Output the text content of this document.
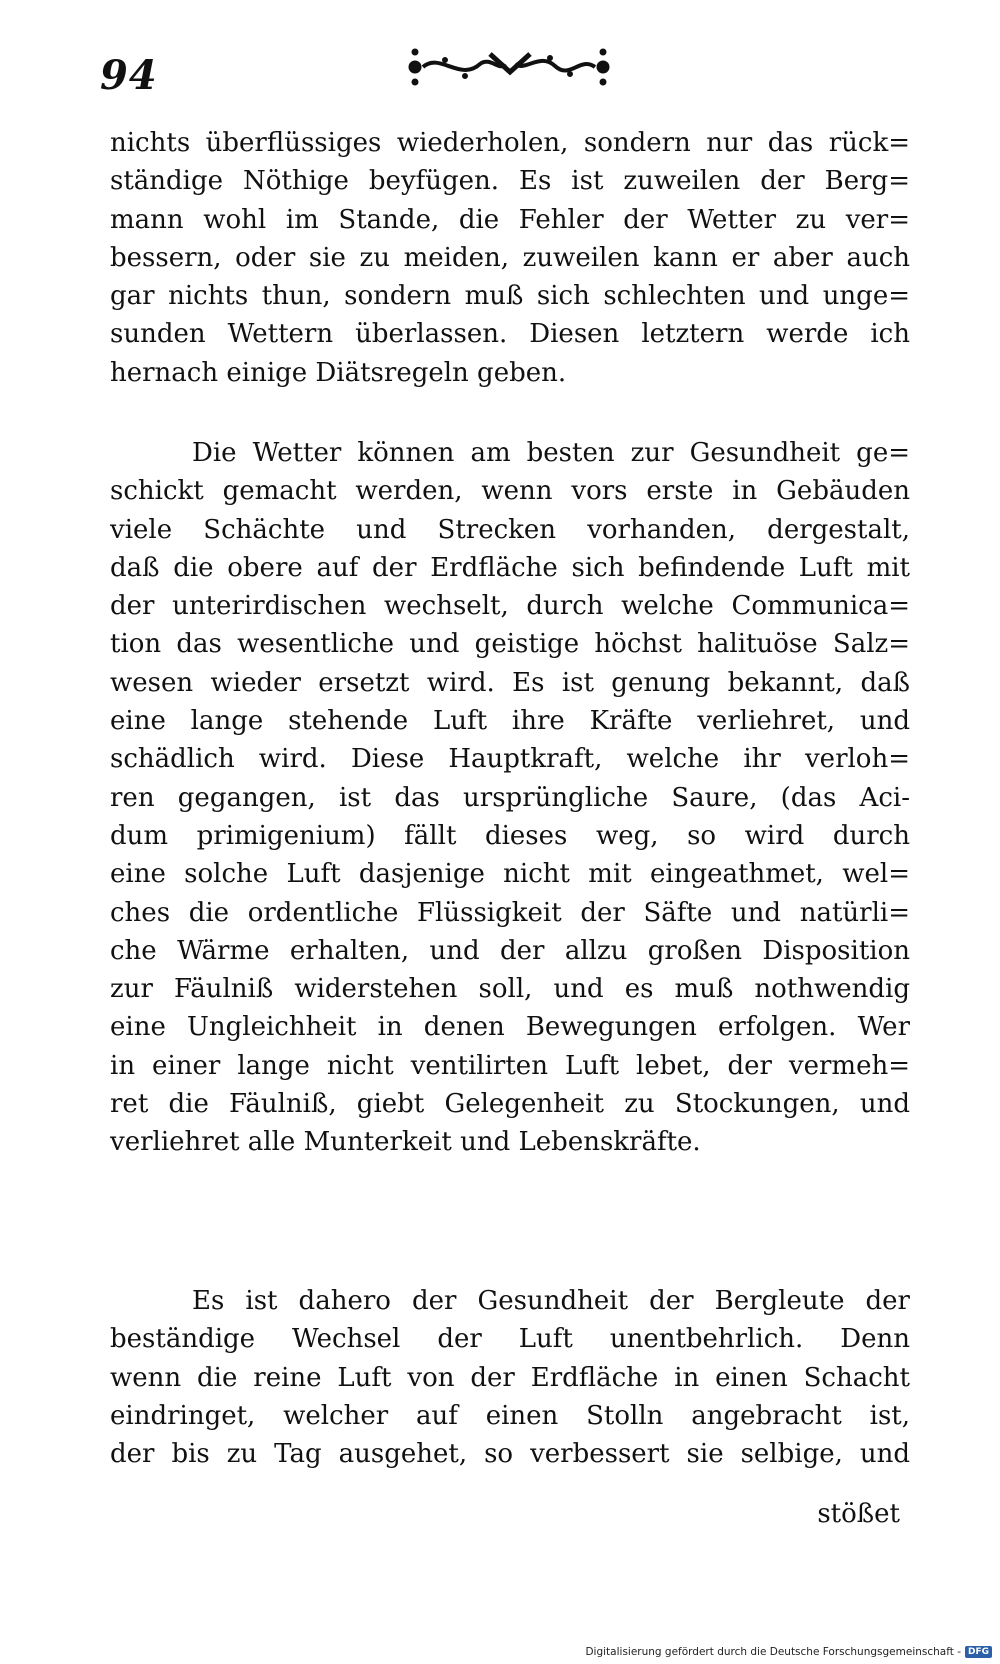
94
nichts überflüssiges wiederholen, sondern nur das rück=
ständige Nöthige beyfügen. Es ist zuweilen der Berg=
mann wohl im Stande, die Fehler der Wetter zu ver=
bessern, oder sie zu meiden, zuweilen kann er aber auch
gar nichts thun, sondern muß sich schlechten und unge=
sunden Wettern überlassen. Diesen letztern werde ich
hernach einige Diätsregeln geben.
Die Wetter können am besten zur Gesundheit ge=
schickt gemacht werden, wenn vors erste in Gebäuden
viele Schächte und Strecken vorhanden, dergestalt,
daß die obere auf der Erdfläche sich befindende Luft mit
der unterirdischen wechselt, durch welche Communica=
tion das wesentliche und geistige höchst halituöse Salz=
wesen wieder ersetzt wird. Es ist genung bekannt, daß
eine lange stehende Luft ihre Kräfte verliehret, und
schädlich wird. Diese Hauptkraft, welche ihr verloh=
ren gegangen, ist das ursprüngliche Saure, (das Aci-
dum primigenium) fällt dieses weg, so wird durch
eine solche Luft dasjenige nicht mit eingeathmet, wel=
ches die ordentliche Flüssigkeit der Säfte und natürli=
che Wärme erhalten, und der allzu großen Disposition
zur Fäulniß widerstehen soll, und es muß nothwendig
eine Ungleichheit in denen Bewegungen erfolgen. Wer
in einer lange nicht ventilirten Luft lebet, der vermeh=
ret die Fäulniß, giebt Gelegenheit zu Stockungen, und
verliehret alle Munterkeit und Lebenskräfte.
Es ist dahero der Gesundheit der Bergleute der
beständige Wechsel der Luft unentbehrlich. Denn
wenn die reine Luft von der Erdfläche in einen Schacht
eindringet, welcher auf einen Stolln angebracht ist,
der bis zu Tag ausgehet, so verbessert sie selbige, und
stößet
Digitalisierung gefördert durch die Deutsche Forschungsgemeinschaft - DFG
